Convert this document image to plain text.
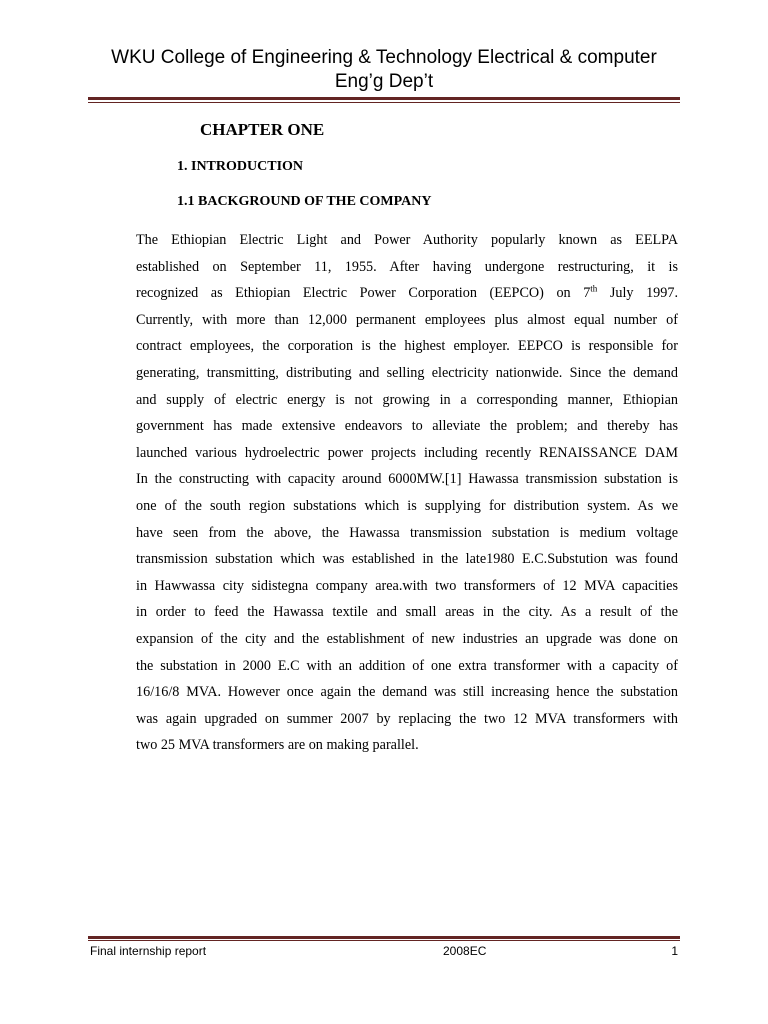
WKU College of Engineering & Technology Electrical & computer
Eng’g Dep’t
CHAPTER ONE
1. INTRODUCTION
1.1 BACKGROUND OF THE COMPANY
The Ethiopian Electric Light and Power Authority popularly known as EELPA
established on September 11, 1955. After having undergone restructuring, it is
recognized as Ethiopian Electric Power Corporation (EEPCO) on 7th July 1997.
Currently, with more than 12,000 permanent employees plus almost equal number of
contract employees, the corporation is the highest employer. EEPCO is responsible for
generating, transmitting, distributing and selling electricity nationwide. Since the demand
and supply of electric energy is not growing in a corresponding manner, Ethiopian
government has made extensive endeavors to alleviate the problem; and thereby has
launched various hydroelectric power projects including recently RENAISSANCE DAM
In the constructing with capacity around 6000MW.[1] Hawassa transmission substation is
one of the south region substations which is supplying for distribution system. As we
have seen from the above, the Hawassa transmission substation is medium voltage
transmission substation which was established in the late1980 E.C.Substution was found
in Hawwassa city sidistegna company area.with two transformers of 12 MVA capacities
in order to feed the Hawassa textile and small areas in the city. As a result of the
expansion of the city and the establishment of new industries an upgrade was done on
the substation in 2000 E.C with an addition of one extra transformer with a capacity of
16/16/8 MVA. However once again the demand was still increasing hence the substation
was again upgraded on summer 2007 by replacing the two 12 MVA transformers with
two 25 MVA transformers are on making parallel.
Final internship report	2008EC	1
